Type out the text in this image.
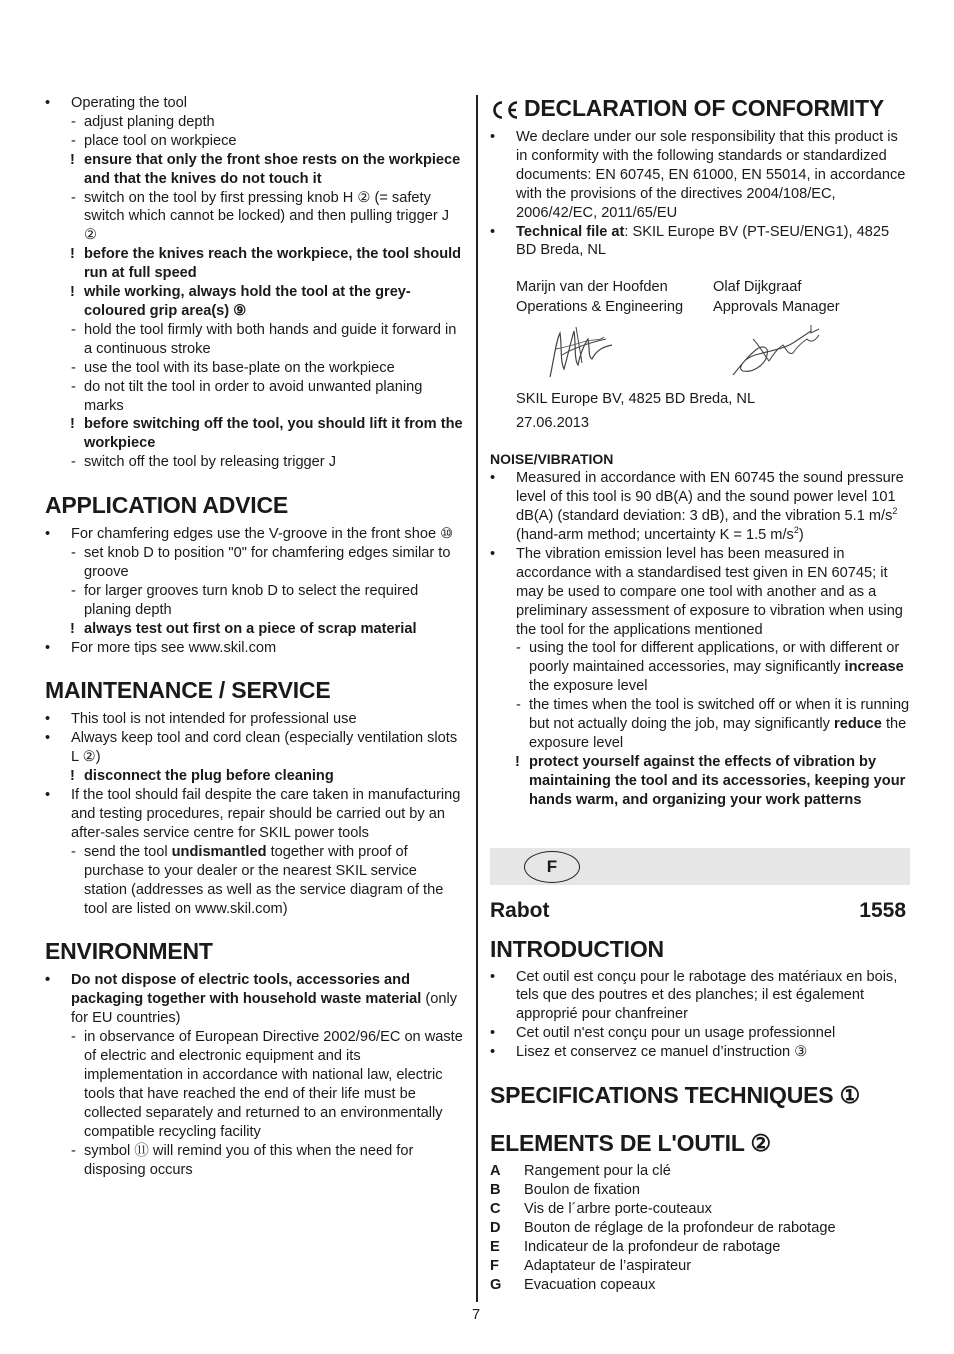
• Operating the tool
- adjust planing depth
- place tool on workpiece
! ensure that only the front shoe rests on the workpiece and that the knives do not touch it
- switch on the tool by first pressing knob H ② (= safety switch which cannot be locked) and then pulling trigger J ②
! before the knives reach the workpiece, the tool should run at full speed
! while working, always hold the tool at the grey-coloured grip area(s) ⑨
- hold the tool firmly with both hands and guide it forward in a continuous stroke
- use the tool with its base-plate on the workpiece
- do not tilt the tool in order to avoid unwanted planing marks
! before switching off the tool, you should lift it from the workpiece
- switch off the tool by releasing trigger J
APPLICATION ADVICE
• For chamfering edges use the V-groove in the front shoe ⑩
- set knob D to position "0" for chamfering edges similar to groove
- for larger grooves turn knob D to select the required planing depth
! always test out first on a piece of scrap material
• For more tips see www.skil.com
MAINTENANCE / SERVICE
• This tool is not intended for professional use
• Always keep tool and cord clean (especially ventilation slots L ②)
! disconnect the plug before cleaning
• If the tool should fail despite the care taken in manufacturing and testing procedures, repair should be carried out by an after-sales service centre for SKIL power tools
- send the tool undismantled together with proof of purchase to your dealer or the nearest SKIL service station (addresses as well as the service diagram of the tool are listed on www.skil.com)
ENVIRONMENT
• Do not dispose of electric tools, accessories and packaging together with household waste material (only for EU countries)
- in observance of European Directive 2002/96/EC on waste of electric and electronic equipment and its implementation in accordance with national law, electric tools that have reached the end of their life must be collected separately and returned to an environmentally compatible recycling facility
- symbol ⑪ will remind you of this when the need for disposing occurs
DECLARATION OF CONFORMITY
• We declare under our sole responsibility that this product is in conformity with the following standards or standardized documents: EN 60745, EN 61000, EN 55014, in accordance with the provisions of the directives 2004/108/EC, 2006/42/EC, 2011/65/EU
• Technical file at: SKIL Europe BV (PT-SEU/ENG1), 4825 BD Breda, NL
Marijn van der Hoofden
Operations & Engineering
Olaf Dijkgraaf
Approvals Manager
SKIL Europe BV, 4825 BD Breda, NL
27.06.2013
NOISE/VIBRATION
• Measured in accordance with EN 60745 the sound pressure level of this tool is 90 dB(A) and the sound power level 101 dB(A) (standard deviation: 3 dB), and the vibration 5.1 $m/s^2$ (hand-arm method; uncertainty K = 1.5 $m/s^2$)
• The vibration emission level has been measured in accordance with a standardised test given in EN 60745; it may be used to compare one tool with another and as a preliminary assessment of exposure to vibration when using the tool for the applications mentioned
- using the tool for different applications, or with different or poorly maintained accessories, may significantly increase the exposure level
- the times when the tool is switched off or when it is running but not actually doing the job, may significantly reduce the exposure level
! protect yourself against the effects of vibration by maintaining the tool and its accessories, keeping your hands warm, and organizing your work patterns
F
Rabot	1558
INTRODUCTION
• Cet outil est conçu pour le rabotage des matériaux en bois, tels que des poutres et des planches; il est également approprié pour chanfreiner
• Cet outil n'est conçu pour un usage professionnel
• Lisez et conservez ce manuel d’instruction ③
SPECIFICATIONS TECHNIQUES ①
ELEMENTS DE L'OUTIL ②
A Rangement pour la clé
B Boulon de fixation
C Vis de l´arbre porte-couteaux
D Bouton de réglage de la profondeur de rabotage
E Indicateur de la profondeur de rabotage
F Adaptateur de l’aspirateur
G Evacuation copeaux
7
